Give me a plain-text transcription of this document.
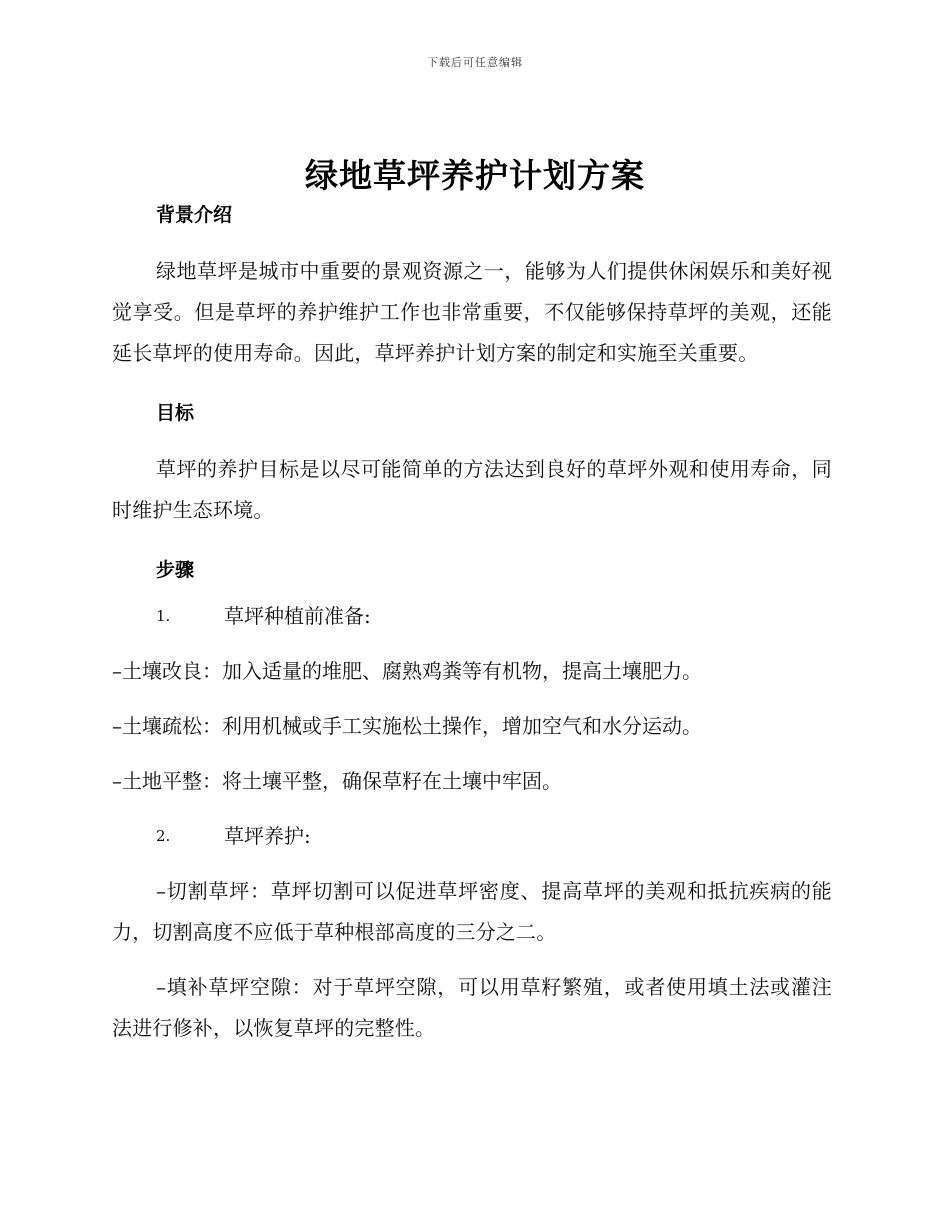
下载后可任意编辑
绿地草坪养护计划方案

背景介绍

绿地草坪是城市中重要的景观资源之一，能够为人们提供休闲娱乐和美好视觉享受。但是草坪的养护维护工作也非常重要，不仅能够保持草坪的美观，还能延长草坪的使用寿命。因此，草坪养护计划方案的制定和实施至关重要。

目标

草坪的养护目标是以尽可能简单的方法达到良好的草坪外观和使用寿命，同时维护生态环境。

步骤

1.	草坪种植前准备:

–土壤改良：加入适量的堆肥、腐熟鸡粪等有机物，提高土壤肥力。

–土壤疏松：利用机械或手工实施松土操作，增加空气和水分运动。

–土地平整：将土壤平整，确保草籽在土壤中牢固。

2.	草坪养护:

–切割草坪：草坪切割可以促进草坪密度、提高草坪的美观和抵抗疾病的能力，切割高度不应低于草种根部高度的三分之二。

–填补草坪空隙：对于草坪空隙，可以用草籽繁殖，或者使用填土法或灌注法进行修补，以恢复草坪的完整性。
